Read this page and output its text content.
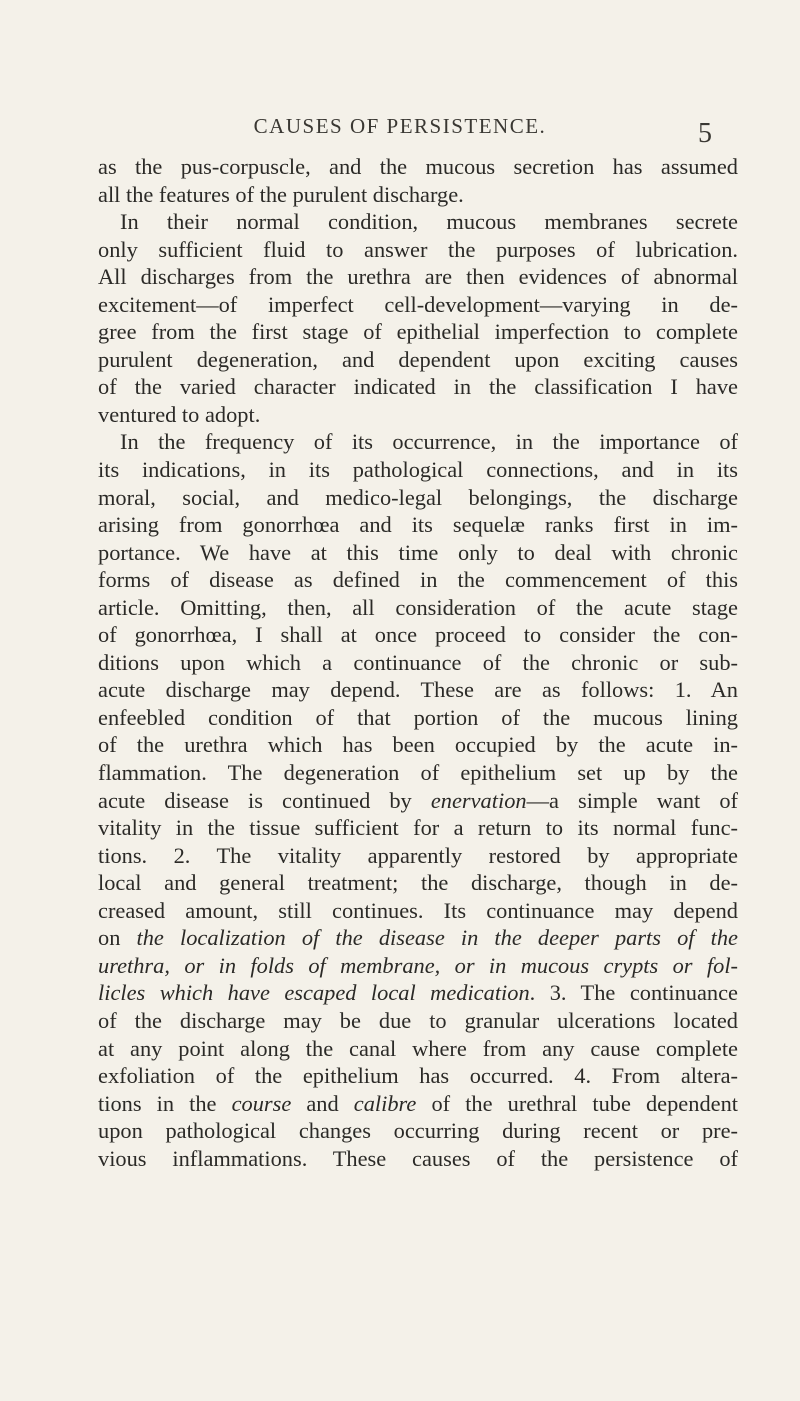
CAUSES OF PERSISTENCE.	5
as the pus-corpuscle, and the mucous secretion has assumed
all the features of the purulent discharge.
In their normal condition, mucous membranes secrete
only sufficient fluid to answer the purposes of lubrication.
All discharges from the urethra are then evidences of abnormal
excitement—of imperfect cell-development—varying in de-
gree from the first stage of epithelial imperfection to complete
purulent degeneration, and dependent upon exciting causes
of the varied character indicated in the classification I have
ventured to adopt.
In the frequency of its occurrence, in the importance of
its indications, in its pathological connections, and in its
moral, social, and medico-legal belongings, the discharge
arising from gonorrhœa and its sequelæ ranks first in im-
portance. We have at this time only to deal with chronic
forms of disease as defined in the commencement of this
article. Omitting, then, all consideration of the acute stage
of gonorrhœa, I shall at once proceed to consider the con-
ditions upon which a continuance of the chronic or sub-
acute discharge may depend. These are as follows: 1. An
enfeebled condition of that portion of the mucous lining
of the urethra which has been occupied by the acute in-
flammation. The degeneration of epithelium set up by the
acute disease is continued by enervation—a simple want of
vitality in the tissue sufficient for a return to its normal func-
tions. 2. The vitality apparently restored by appropriate
local and general treatment; the discharge, though in de-
creased amount, still continues. Its continuance may depend
on the localization of the disease in the deeper parts of the
urethra, or in folds of membrane, or in mucous crypts or fol-
licles which have escaped local medication. 3. The continuance
of the discharge may be due to granular ulcerations located
at any point along the canal where from any cause complete
exfoliation of the epithelium has occurred. 4. From altera-
tions in the course and calibre of the urethral tube dependent
upon pathological changes occurring during recent or pre-
vious inflammations. These causes of the persistence of
